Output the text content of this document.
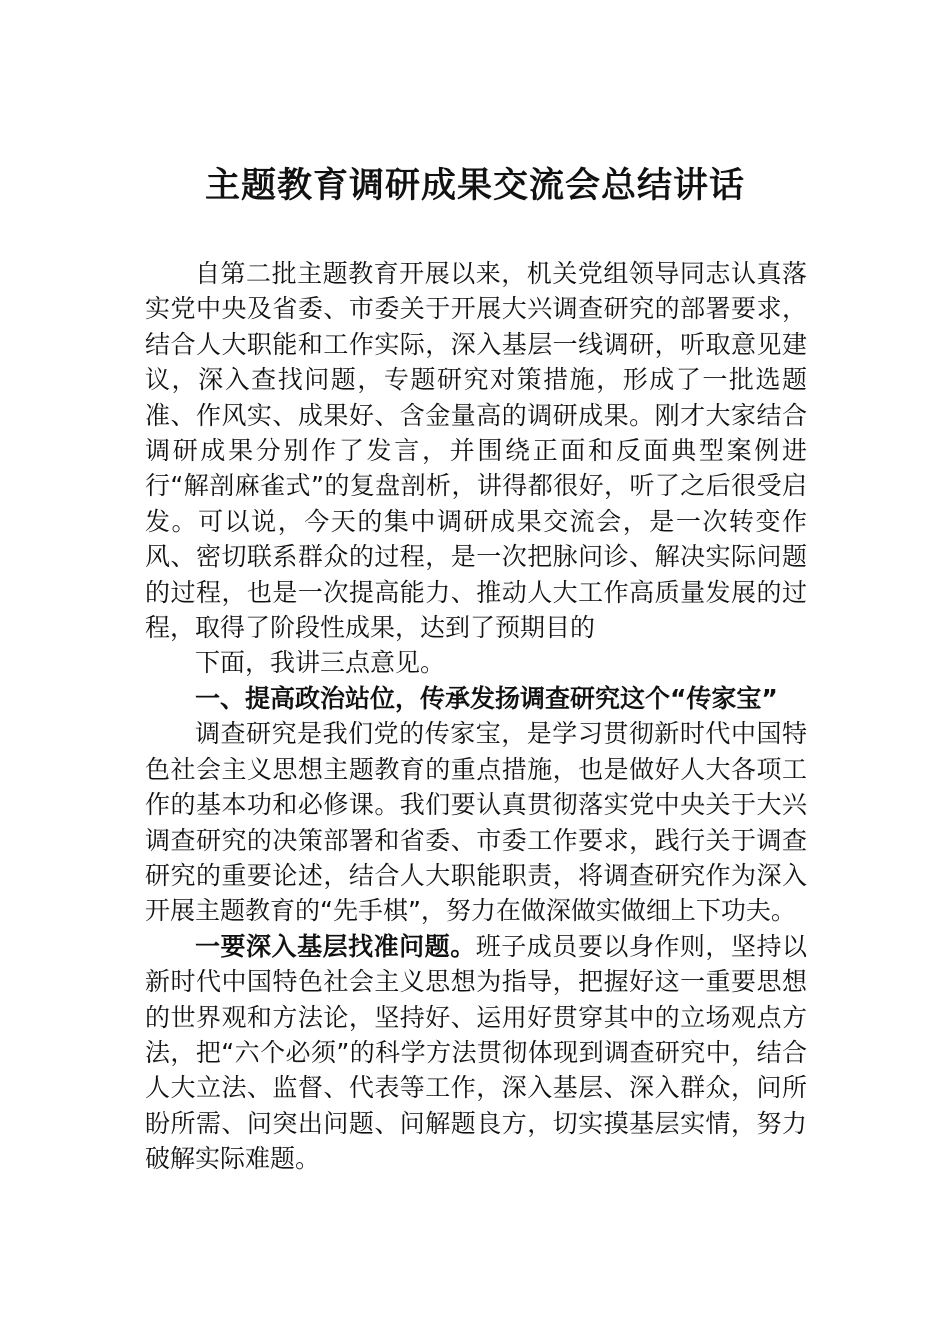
主题教育调研成果交流会总结讲话

自第二批主题教育开展以来，机关党组领导同志认真落实党中央及省委、市委关于开展大兴调查研究的部署要求，结合人大职能和工作实际，深入基层一线调研，听取意见建议，深入查找问题，专题研究对策措施，形成了一批选题准、作风实、成果好、含金量高的调研成果。刚才大家结合调研成果分别作了发言，并围绕正面和反面典型案例进行“解剖麻雀式”的复盘剖析，讲得都很好，听了之后很受启发。可以说，今天的集中调研成果交流会，是一次转变作风、密切联系群众的过程，是一次把脉问诊、解决实际问题的过程，也是一次提高能力、推动人大工作高质量发展的过程，取得了阶段性成果，达到了预期目的

下面，我讲三点意见。

一、提高政治站位，传承发扬调查研究这个“传家宝”

调查研究是我们党的传家宝，是学习贯彻新时代中国特色社会主义思想主题教育的重点措施，也是做好人大各项工作的基本功和必修课。我们要认真贯彻落实党中央关于大兴调查研究的决策部署和省委、市委工作要求，践行关于调查研究的重要论述，结合人大职能职责，将调查研究作为深入开展主题教育的“先手棋”，努力在做深做实做细上下功夫。

一要深入基层找准问题。班子成员要以身作则，坚持以新时代中国特色社会主义思想为指导，把握好这一重要思想的世界观和方法论，坚持好、运用好贯穿其中的立场观点方法，把“六个必须”的科学方法贯彻体现到调查研究中，结合人大立法、监督、代表等工作，深入基层、深入群众，问所盼所需、问突出问题、问解题良方，切实摸基层实情，努力破解实际难题。
